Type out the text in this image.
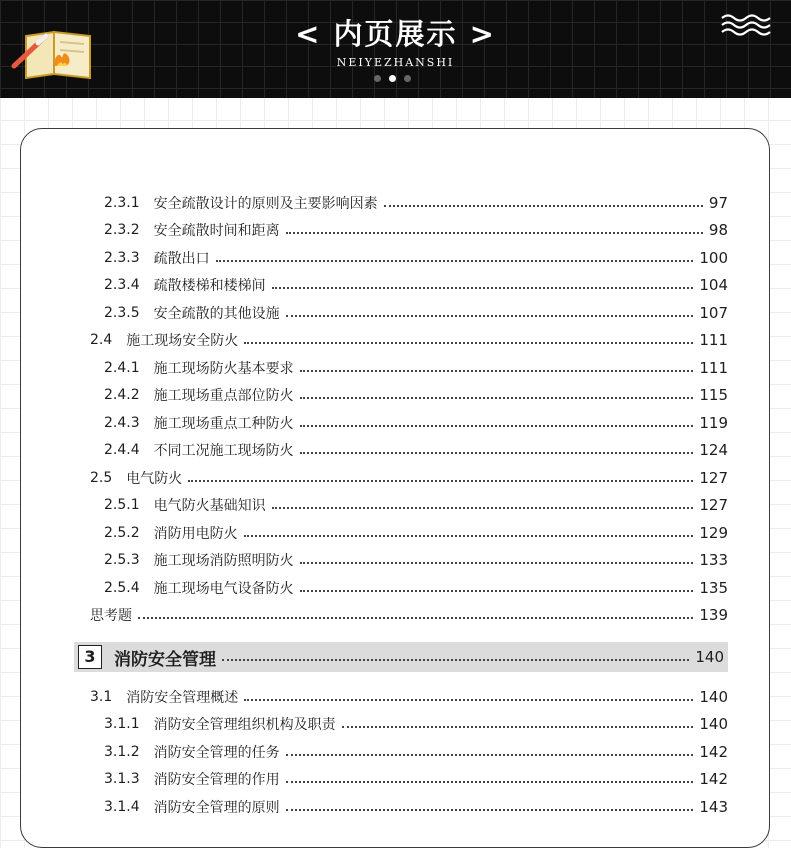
< 内页展示 >
NEIYEZHANSHI
2.3.1 安全疏散设计的原则及主要影响因素	97
2.3.2 安全疏散时间和距离	98
2.3.3 疏散出口	100
2.3.4 疏散楼梯和楼梯间	104
2.3.5 安全疏散的其他设施	107
2.4 施工现场安全防火	111
2.4.1 施工现场防火基本要求	111
2.4.2 施工现场重点部位防火	115
2.4.3 施工现场重点工种防火	119
2.4.4 不同工况施工现场防火	124
2.5 电气防火	127
2.5.1 电气防火基础知识	127
2.5.2 消防用电防火	129
2.5.3 施工现场消防照明防火	133
2.5.4 施工现场电气设备防火	135
思考题	139
3	消防安全管理	140
3.1 消防安全管理概述	140
3.1.1 消防安全管理组织机构及职责	140
3.1.2 消防安全管理的任务	142
3.1.3 消防安全管理的作用	142
3.1.4 消防安全管理的原则	143
